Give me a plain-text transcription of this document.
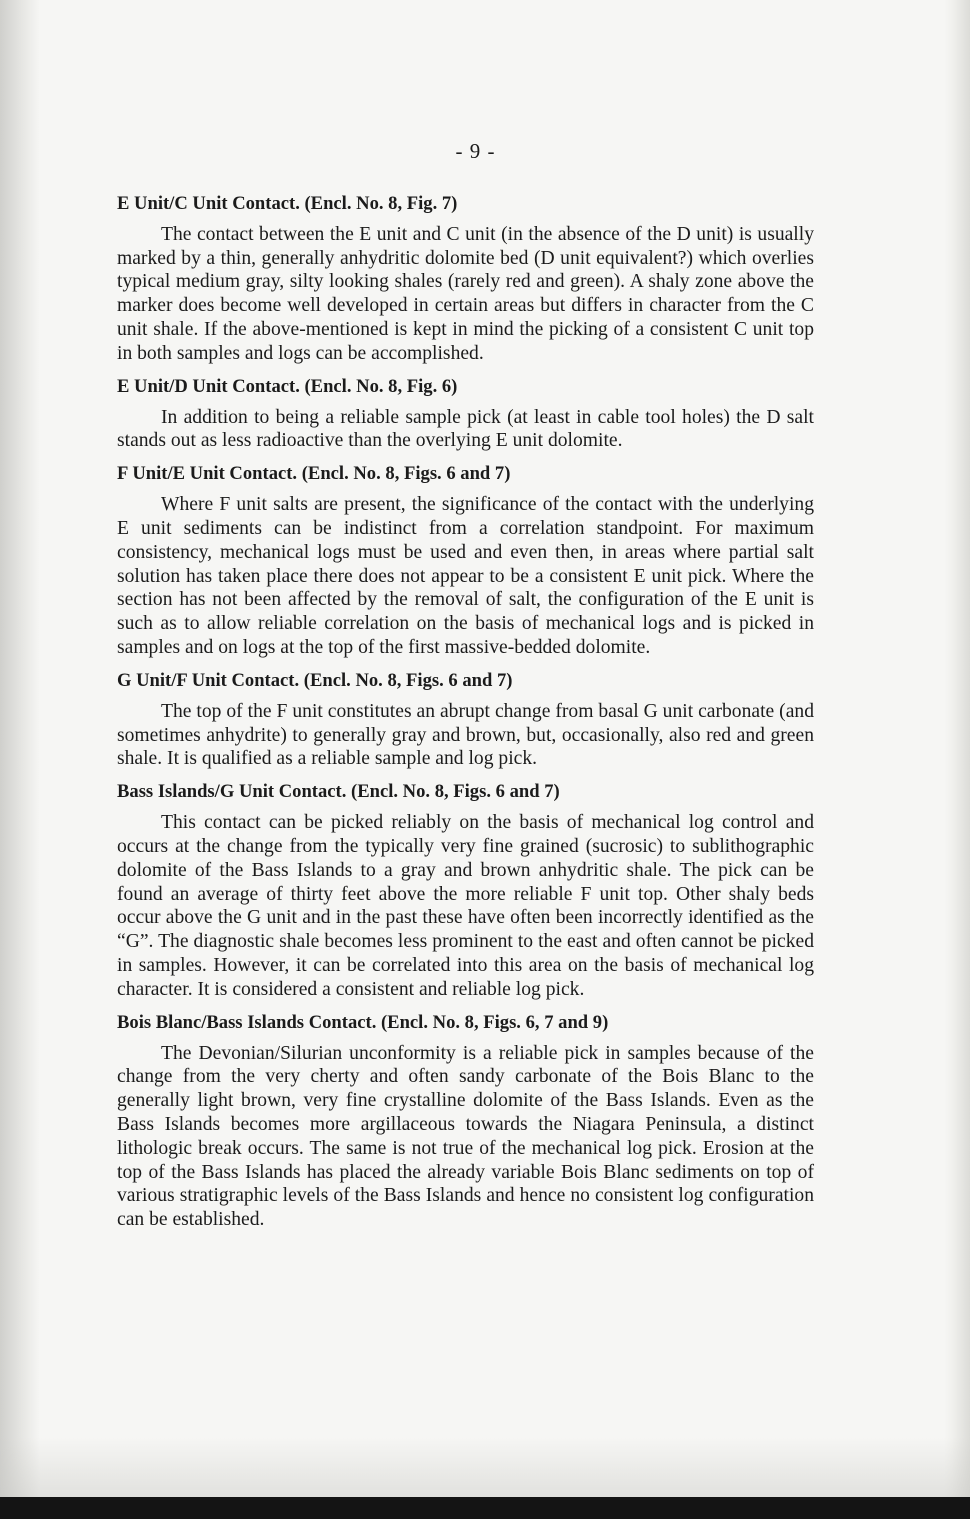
- 9 -
E Unit/C Unit Contact. (Encl. No. 8, Fig. 7)

The contact between the E unit and C unit (in the absence of the D unit) is usually marked by a thin, generally anhydritic dolomite bed (D unit equivalent?) which overlies typical medium gray, silty looking shales (rarely red and green). A shaly zone above the marker does become well developed in certain areas but differs in character from the C unit shale. If the above-mentioned is kept in mind the picking of a consistent C unit top in both samples and logs can be accomplished.

E Unit/D Unit Contact. (Encl. No. 8, Fig. 6)

In addition to being a reliable sample pick (at least in cable tool holes) the D salt stands out as less radioactive than the overlying E unit dolomite.

F Unit/E Unit Contact. (Encl. No. 8, Figs. 6 and 7)

Where F unit salts are present, the significance of the contact with the underlying E unit sediments can be indistinct from a correlation standpoint. For maximum consistency, mechanical logs must be used and even then, in areas where partial salt solution has taken place there does not appear to be a consistent E unit pick. Where the section has not been affected by the removal of salt, the configuration of the E unit is such as to allow reliable correlation on the basis of mechanical logs and is picked in samples and on logs at the top of the first massive-bedded dolomite.

G Unit/F Unit Contact. (Encl. No. 8, Figs. 6 and 7)

The top of the F unit constitutes an abrupt change from basal G unit carbonate (and sometimes anhydrite) to generally gray and brown, but, occasionally, also red and green shale. It is qualified as a reliable sample and log pick.

Bass Islands/G Unit Contact. (Encl. No. 8, Figs. 6 and 7)

This contact can be picked reliably on the basis of mechanical log control and occurs at the change from the typically very fine grained (sucrosic) to sublithographic dolomite of the Bass Islands to a gray and brown anhydritic shale. The pick can be found an average of thirty feet above the more reliable F unit top. Other shaly beds occur above the G unit and in the past these have often been incorrectly identified as the “G”. The diagnostic shale becomes less prominent to the east and often cannot be picked in samples. However, it can be correlated into this area on the basis of mechanical log character. It is considered a consistent and reliable log pick.

Bois Blanc/Bass Islands Contact. (Encl. No. 8, Figs. 6, 7 and 9)

The Devonian/Silurian unconformity is a reliable pick in samples because of the change from the very cherty and often sandy carbonate of the Bois Blanc to the generally light brown, very fine crystalline dolomite of the Bass Islands. Even as the Bass Islands becomes more argillaceous towards the Niagara Peninsula, a distinct lithologic break occurs. The same is not true of the mechanical log pick. Erosion at the top of the Bass Islands has placed the already variable Bois Blanc sediments on top of various stratigraphic levels of the Bass Islands and hence no consistent log configuration can be established.
